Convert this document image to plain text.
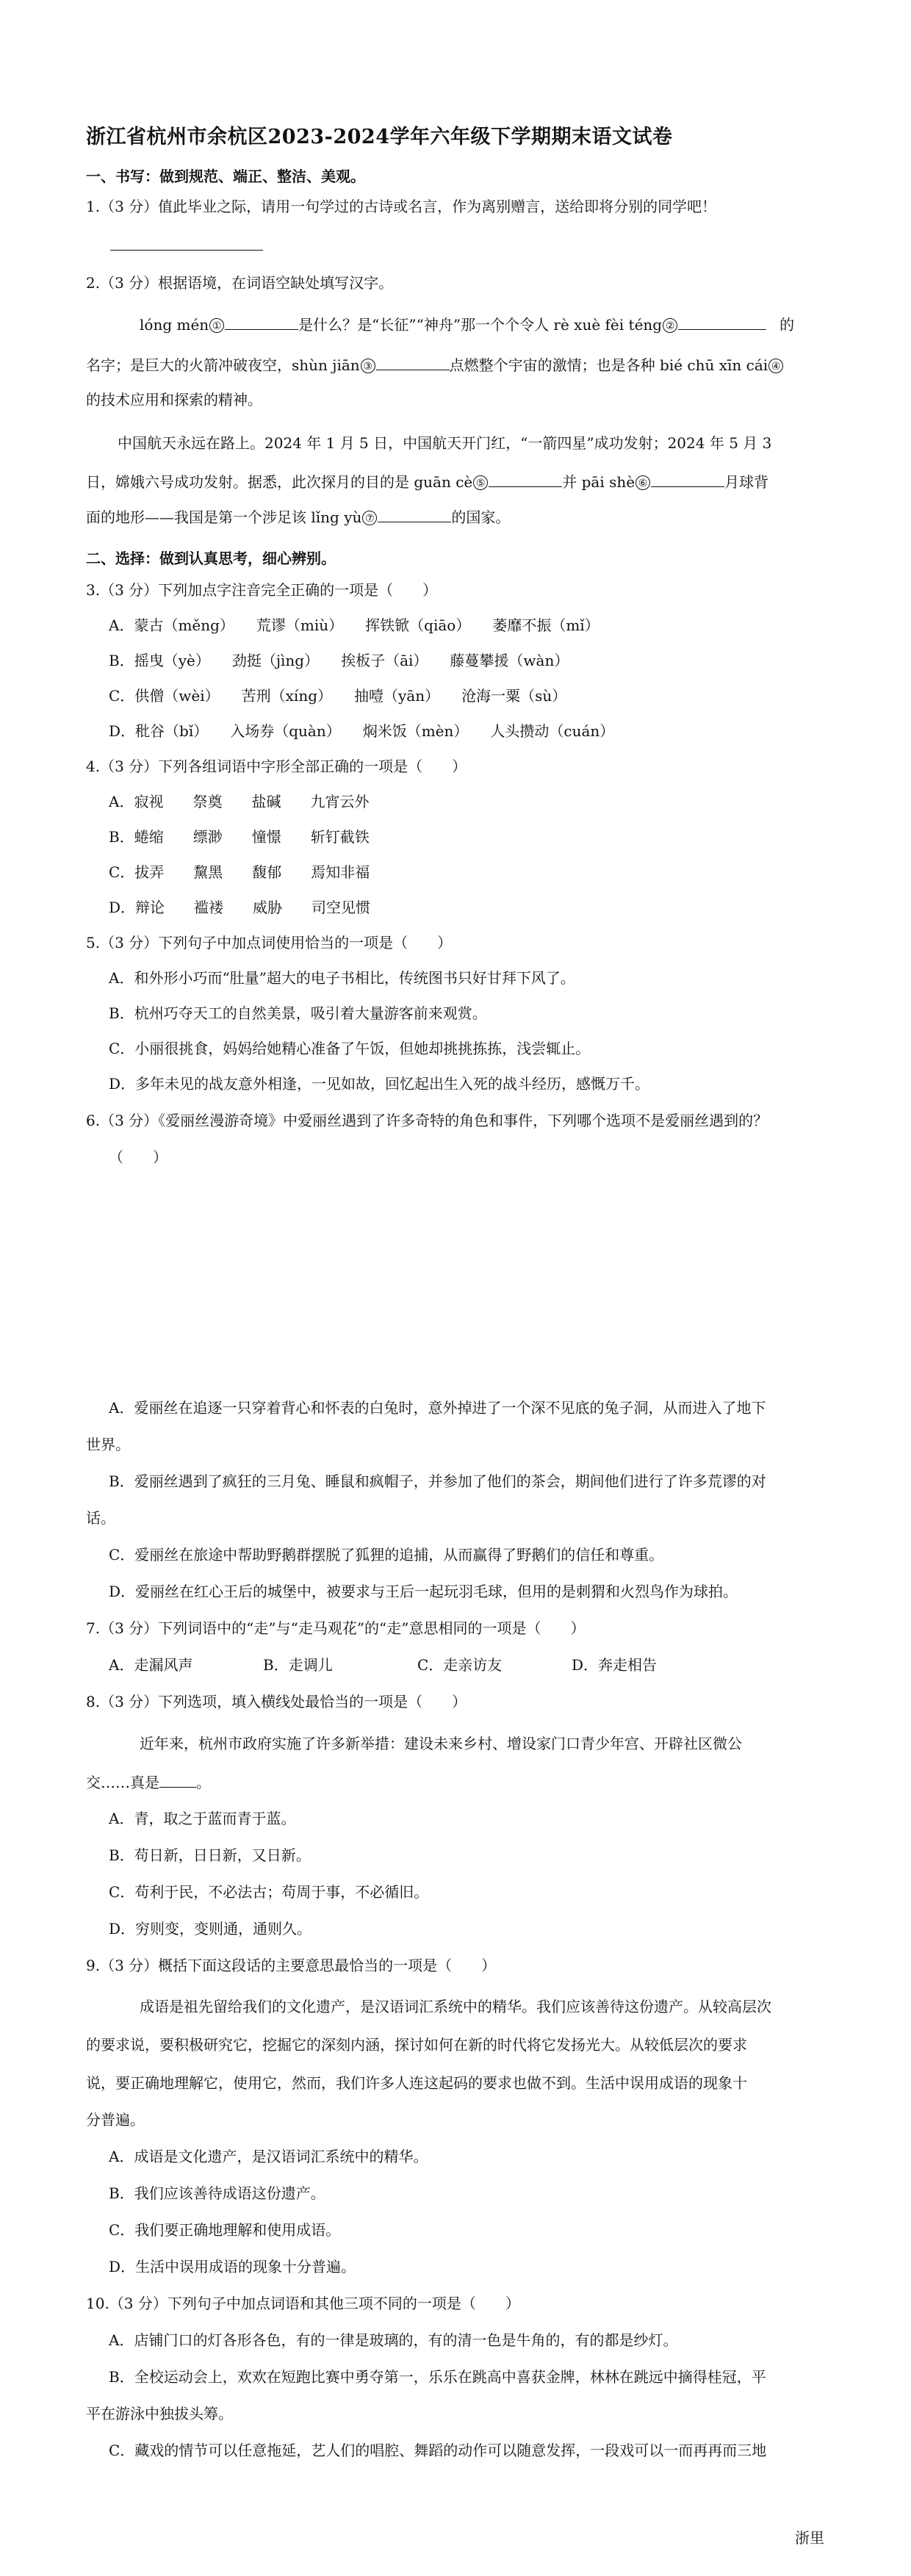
浙江省杭州市余杭区2023-2024学年六年级下学期期末语文试卷
一、书写：做到规范、端正、整洁、美观。
1.（3 分）值此毕业之际，请用一句学过的古诗或名言，作为离别赠言，送给即将分别的同学吧！
2.（3 分）根据语境，在词语空缺处填写汉字。
lóng mén ①	是什么？是“长征”“神舟”那一个个令人 rè xuè fèi téng ②	的
名字；是巨大的火箭冲破夜空，shùn jiān ③	点燃整个宇宙的激情；也是各种 bié chū xīn cái ④
的技术应用和探索的精神。
中国航天永远在路上。2024 年 1 月 5 日，中国航天开门红，“一箭四星”成功发射；2024 年 5 月 3
日，嫦娥六号成功发射。据悉，此次探月的目的是 guān cè ⑤	并 pāi shè ⑥	月球背
面的地形——我国是第一个涉足该 lǐng yù ⑦	的国家。
二、选择：做到认真思考，细心辨别。
3.（3 分）下列加点字注音完全正确的一项是（　　）
A．蒙古（měng）　　荒谬（miù）　　挥铁锨（qiāo）　　萎靡不振（mǐ）
B．摇曳（yè）　　劲挺（jìng）　　挨板子（āi）　　藤蔓攀援（wàn）
C．供僧（wèi）　　苦刑（xíng）　　抽噎（yān）　　沧海一粟（sù）
D．秕谷（bǐ）　　入场券（quàn）　　焖米饭（mèn）　　人头攒动（cuán）
4.（3 分）下列各组词语中字形全部正确的一项是（　　）
A．寂视　　祭奠　　盐碱　　九宵云外
B．蜷缩　　缥渺　　憧憬　　斩钉截铁
C．拔弄　　黧黑　　馥郁　　焉知非福
D．辩论　　褴褛　　威胁　　司空见惯
5.（3 分）下列句子中加点词使用恰当的一项是（　　）
A．和外形小巧而“肚量”超大的电子书相比，传统图书只好甘拜下风了。
B．杭州巧夺天工的自然美景，吸引着大量游客前来观赏。
C．小丽很挑食，妈妈给她精心准备了午饭，但她却挑挑拣拣，浅尝辄止。
D．多年未见的战友意外相逢，一见如故，回忆起出生入死的战斗经历，感慨万千。
6.（3 分）《爱丽丝漫游奇境》中爱丽丝遇到了许多奇特的角色和事件，下列哪个选项不是爱丽丝遇到的？
（　　）
A．爱丽丝在追逐一只穿着背心和怀表的白兔时，意外掉进了一个深不见底的兔子洞，从而进入了地下
世界。
B．爱丽丝遇到了疯狂的三月兔、睡鼠和疯帽子，并参加了他们的茶会，期间他们进行了许多荒谬的对
话。
C．爱丽丝在旅途中帮助野鹅群摆脱了狐狸的追捕，从而赢得了野鹅们的信任和尊重。
D．爱丽丝在红心王后的城堡中，被要求与王后一起玩羽毛球，但用的是刺猬和火烈鸟作为球拍。
7.（3 分）下列词语中的“走”与“走马观花”的“走”意思相同的一项是（　　）
A．走漏风声	B．走调儿	C．走亲访友	D．奔走相告
8.（3 分）下列选项，填入横线处最恰当的一项是（　　）
近年来，杭州市政府实施了许多新举措：建设未来乡村、增设家门口青少年宫、开辟社区微公
交……真是	。
A．青，取之于蓝而青于蓝。
B．苟日新，日日新，又日新。
C．苟利于民，不必法古；苟周于事，不必循旧。
D．穷则变，变则通，通则久。
9.（3 分）概括下面这段话的主要意思最恰当的一项是（　　）
成语是祖先留给我们的文化遗产，是汉语词汇系统中的精华。我们应该善待这份遗产。从较高层次
的要求说，要积极研究它，挖掘它的深刻内涵，探讨如何在新的时代将它发扬光大。从较低层次的要求
说，要正确地理解它，使用它，然而，我们许多人连这起码的要求也做不到。生活中误用成语的现象十
分普遍。
A．成语是文化遗产，是汉语词汇系统中的精华。
B．我们应该善待成语这份遗产。
C．我们要正确地理解和使用成语。
D．生活中误用成语的现象十分普遍。
10.（3 分）下列句子中加点词语和其他三项不同的一项是（　　）
A．店铺门口的灯各形各色，有的一律是玻璃的，有的清一色是牛角的，有的都是纱灯。
B．全校运动会上，欢欢在短跑比赛中勇夺第一，乐乐在跳高中喜获金牌，林林在跳远中摘得桂冠，平
平在游泳中独拔头筹。
C．藏戏的情节可以任意拖延，艺人们的唱腔、舞蹈的动作可以随意发挥，一段戏可以一而再再而三地
浙里
